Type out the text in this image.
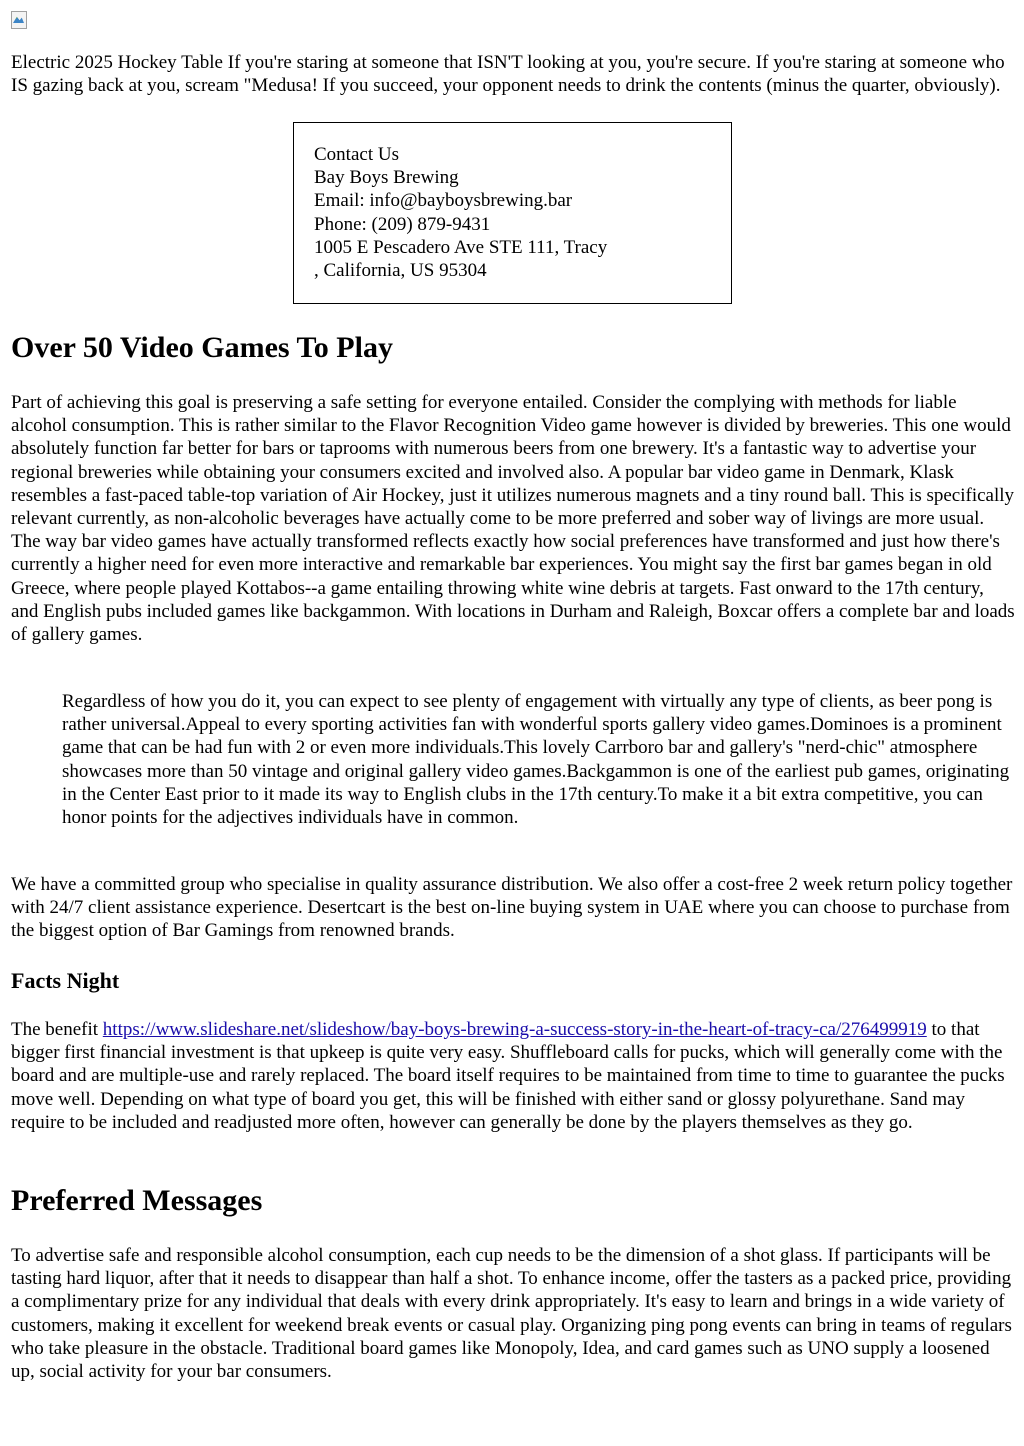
Electric 2025 Hockey Table If you're staring at someone that ISN'T looking at you, you're secure. If you're staring at someone who IS gazing back at you, scream "Medusa! If you succeed, your opponent needs to drink the contents (minus the quarter, obviously).

Contact Us
Bay Boys Brewing
Email: info@bayboysbrewing.bar
Phone: (209) 879-9431
1005 E Pescadero Ave STE 111, Tracy
, California, US 95304
Over 50 Video Games To Play

Part of achieving this goal is preserving a safe setting for everyone entailed. Consider the complying with methods for liable alcohol consumption. This is rather similar to the Flavor Recognition Video game however is divided by breweries. This one would absolutely function far better for bars or taprooms with numerous beers from one brewery. It's a fantastic way to advertise your regional breweries while obtaining your consumers excited and involved also. A popular bar video game in Denmark, Klask resembles a fast-paced table-top variation of Air Hockey, just it utilizes numerous magnets and a tiny round ball. This is specifically relevant currently, as non-alcoholic beverages have actually come to be more preferred and sober way of livings are more usual. The way bar video games have actually transformed reflects exactly how social preferences have transformed and just how there's currently a higher need for even more interactive and remarkable bar experiences. You might say the first bar games began in old Greece, where people played Kottabos--a game entailing throwing white wine debris at targets. Fast onward to the 17th century, and English pubs included games like backgammon. With locations in Durham and Raleigh, Boxcar offers a complete bar and loads of gallery games.

Regardless of how you do it, you can expect to see plenty of engagement with virtually any type of clients, as beer pong is rather universal.Appeal to every sporting activities fan with wonderful sports gallery video games.Dominoes is a prominent game that can be had fun with 2 or even more individuals.This lovely Carrboro bar and gallery's "nerd-chic" atmosphere showcases more than 50 vintage and original gallery video games.Backgammon is one of the earliest pub games, originating in the Center East prior to it made its way to English clubs in the 17th century.To make it a bit extra competitive, you can honor points for the adjectives individuals have in common.

We have a committed group who specialise in quality assurance distribution. We also offer a cost-free 2 week return policy together with 24/7 client assistance experience. Desertcart is the best on-line buying system in UAE where you can choose to purchase from the biggest option of Bar Gamings from renowned brands.

Facts Night

The benefit https://www.slideshare.net/slideshow/bay-boys-brewing-a-success-story-in-the-heart-of-tracy-ca/276499919 to that bigger first financial investment is that upkeep is quite very easy. Shuffleboard calls for pucks, which will generally come with the board and are multiple-use and rarely replaced. The board itself requires to be maintained from time to time to guarantee the pucks move well. Depending on what type of board you get, this will be finished with either sand or glossy polyurethane. Sand may require to be included and readjusted more often, however can generally be done by the players themselves as they go.

Preferred Messages

To advertise safe and responsible alcohol consumption, each cup needs to be the dimension of a shot glass. If participants will be tasting hard liquor, after that it needs to disappear than half a shot. To enhance income, offer the tasters as a packed price, providing a complimentary prize for any individual that deals with every drink appropriately. It's easy to learn and brings in a wide variety of customers, making it excellent for weekend break events or casual play. Organizing ping pong events can bring in teams of regulars who take pleasure in the obstacle. Traditional board games like Monopoly, Idea, and card games such as UNO supply a loosened up, social activity for your bar consumers.
